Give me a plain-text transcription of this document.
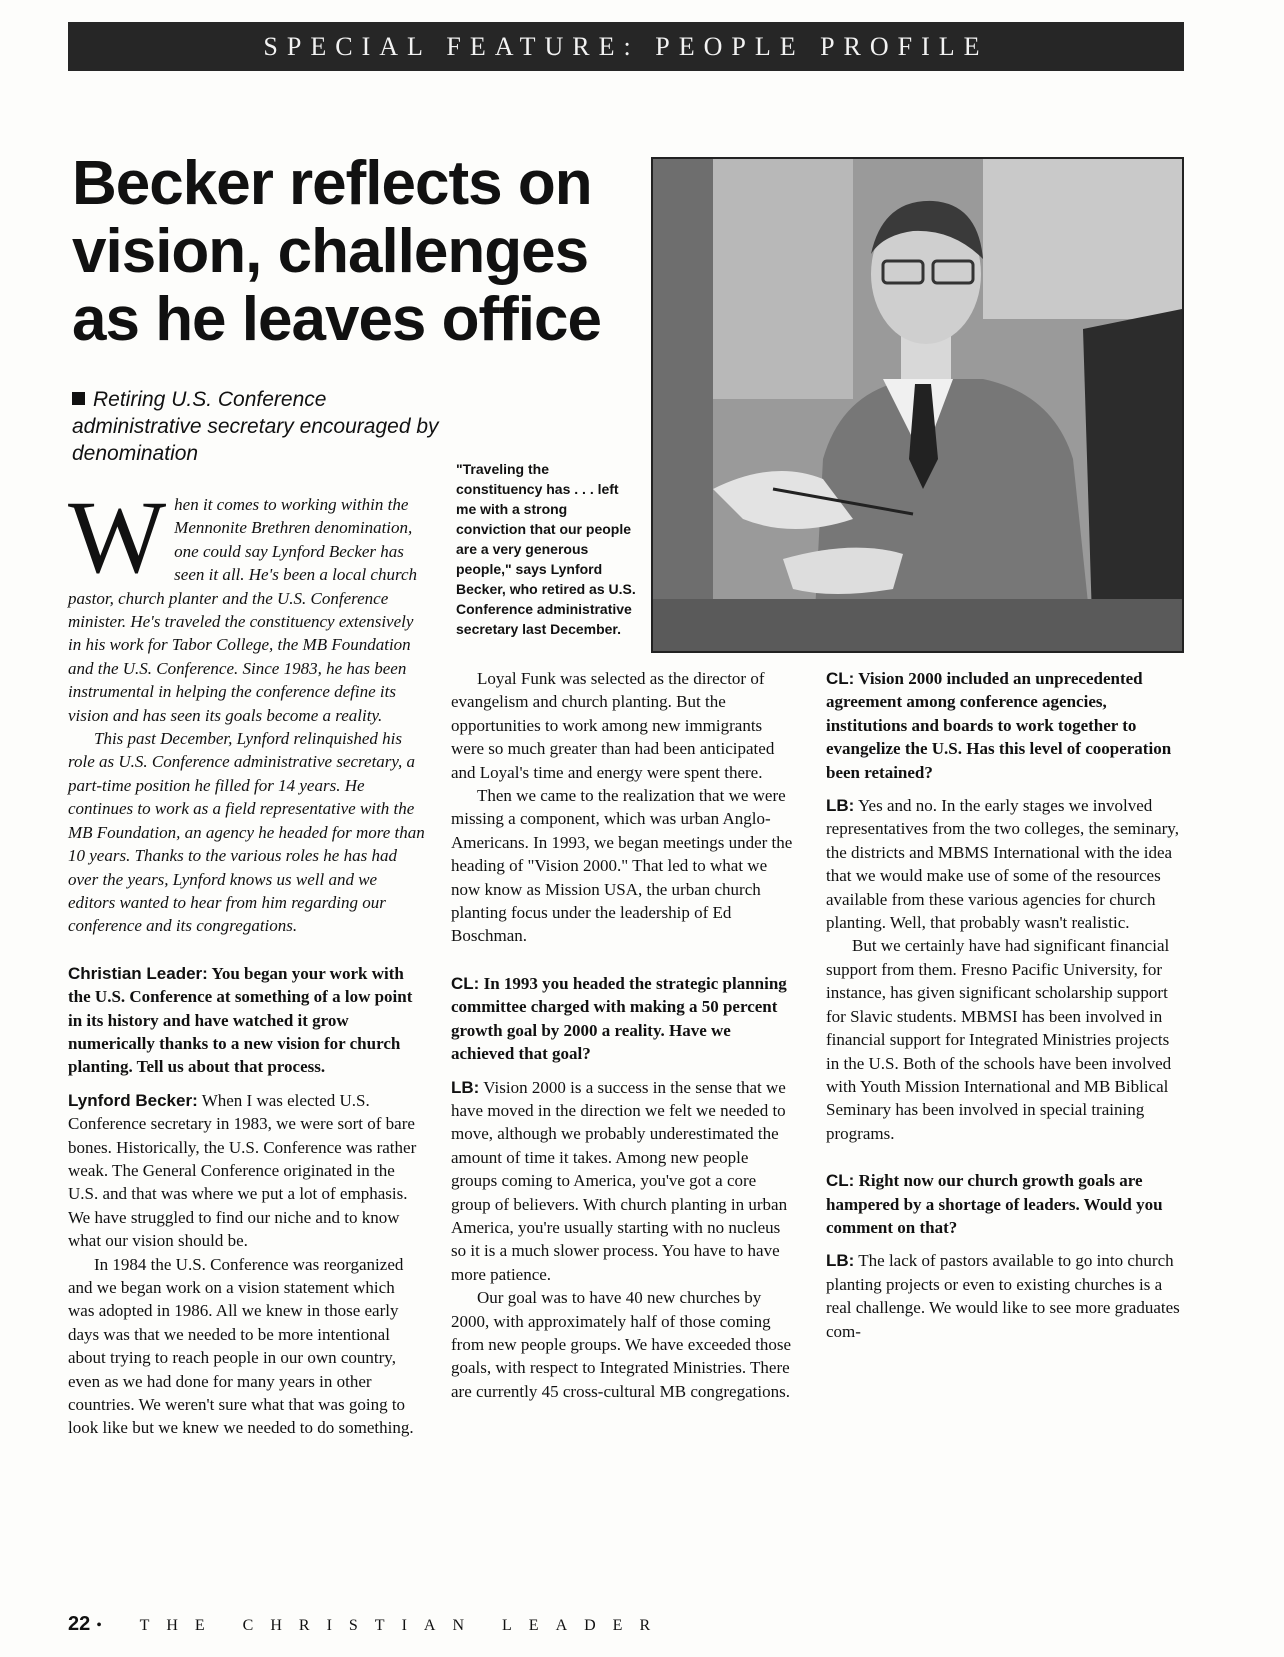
SPECIAL FEATURE: PEOPLE PROFILE
Becker reflects on
vision, challenges
as he leaves office

Retiring U.S. Conference administrative secretary encouraged by denomination

"Traveling the constituency has . . . left me with a strong conviction that our people are a very generous people," says Lynford Becker, who retired as U.S. Conference administrative secretary last December.

W hen it comes to working within the Mennonite Brethren denomination, one could say Lynford Becker has seen it all. He's been a local church pastor, church planter and the U.S. Conference minister. He's traveled the constituency extensively in his work for Tabor College, the MB Foundation and the U.S. Conference. Since 1983, he has been instrumental in helping the conference define its vision and has seen its goals become a reality.

This past December, Lynford relinquished his role as U.S. Conference administrative secretary, a part-time position he filled for 14 years. He continues to work as a field representative with the MB Foundation, an agency he headed for more than 10 years. Thanks to the various roles he has had over the years, Lynford knows us well and we editors wanted to hear from him regarding our conference and its congregations.

Christian Leader: You began your work with the U.S. Conference at something of a low point in its history and have watched it grow numerically thanks to a new vision for church planting. Tell us about that process.

Lynford Becker: When I was elected U.S. Conference secretary in 1983, we were sort of bare bones. Historically, the U.S. Conference was rather weak. The General Conference originated in the U.S. and that was where we put a lot of emphasis. We have struggled to find our niche and to know what our vision should be.

In 1984 the U.S. Conference was reorganized and we began work on a vision statement which was adopted in 1986. All we knew in those early days was that we needed to be more intentional about trying to reach people in our own country, even as we had done for many years in other countries. We weren't sure what that was going to look like but we knew we needed to do something.

Loyal Funk was selected as the director of evangelism and church planting. But the opportunities to work among new immigrants were so much greater than had been anticipated and Loyal's time and energy were spent there.

Then we came to the realization that we were missing a component, which was urban Anglo-Americans. In 1993, we began meetings under the heading of "Vision 2000." That led to what we now know as Mission USA, the urban church planting focus under the leadership of Ed Boschman.

CL: In 1993 you headed the strategic planning committee charged with making a 50 percent growth goal by 2000 a reality. Have we achieved that goal?

LB: Vision 2000 is a success in the sense that we have moved in the direction we felt we needed to move, although we probably underestimated the amount of time it takes. Among new people groups coming to America, you've got a core group of believers. With church planting in urban America, you're usually starting with no nucleus so it is a much slower process. You have to have more patience.

Our goal was to have 40 new churches by 2000, with approximately half of those coming from new people groups. We have exceeded those goals, with respect to Integrated Ministries. There are currently 45 cross-cultural MB congregations.

CL: Vision 2000 included an unprecedented agreement among conference agencies, institutions and boards to work together to evangelize the U.S. Has this level of cooperation been retained?

LB: Yes and no. In the early stages we involved representatives from the two colleges, the seminary, the districts and MBMS International with the idea that we would make use of some of the resources available from these various agencies for church planting. Well, that probably wasn't realistic.

But we certainly have had significant financial support from them. Fresno Pacific University, for instance, has given significant scholarship support for Slavic students. MBMSI has been involved in financial support for Integrated Ministries projects in the U.S. Both of the schools have been involved with Youth Mission International and MB Biblical Seminary has been involved in special training programs.

CL: Right now our church growth goals are hampered by a shortage of leaders. Would you comment on that?

LB: The lack of pastors available to go into church planting projects or even to existing churches is a real challenge. We would like to see more graduates com-

22 • THE CHRISTIAN LEADER
